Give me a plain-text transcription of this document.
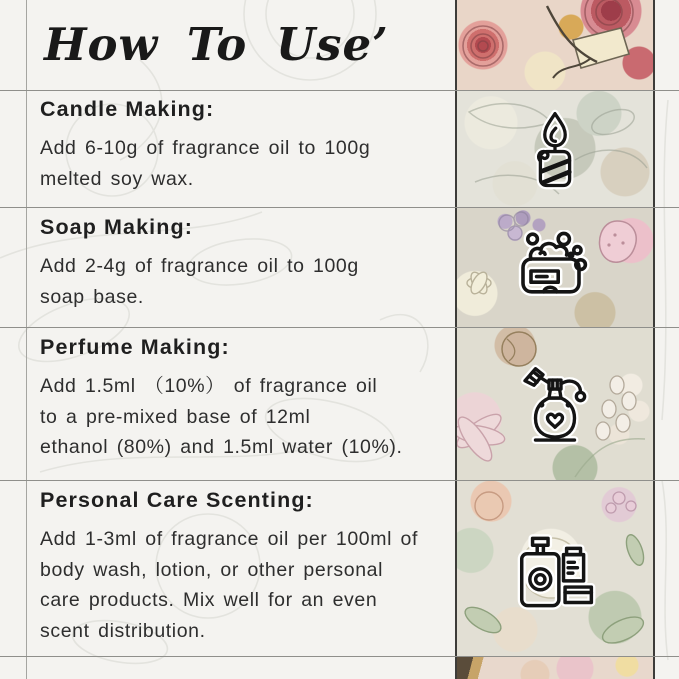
How To Use’
Candle Making:

Add 6-10g of fragrance oil to 100g

melted soy wax.

Soap Making:

Add 2-4g of fragrance oil to 100g

soap base.

Perfume Making:

Add 1.5ml （10%） of fragrance oil

to a pre-mixed base of 12ml

ethanol (80%) and 1.5ml water (10%).

Personal Care Scenting:

Add 1-3ml of fragrance oil per 100ml of

body wash, lotion, or other personal

care products. Mix well for an even

scent distribution.
